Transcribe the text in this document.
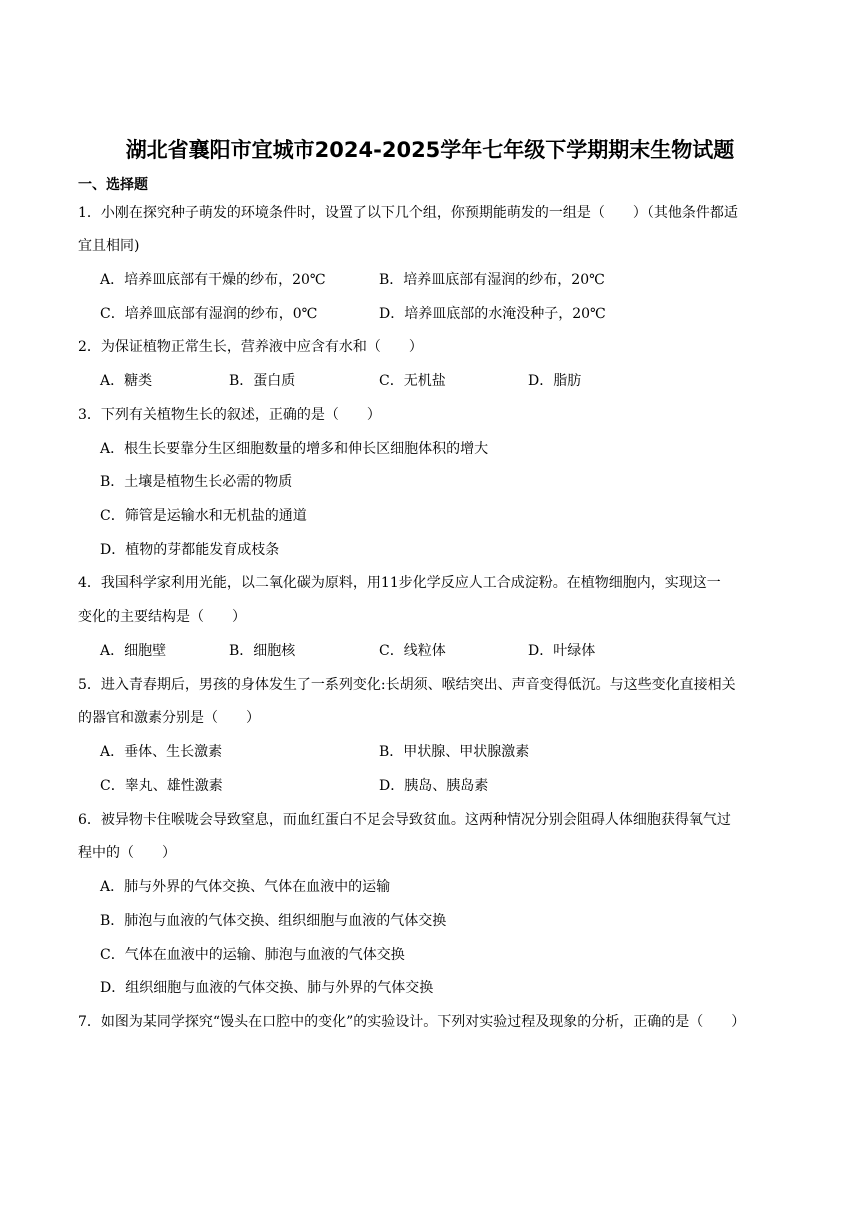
湖北省襄阳市宜城市2024-2025学年七年级下学期期末生物试题
一、选择题
1．小刚在探究种子萌发的环境条件时，设置了以下几个组，你预期能萌发的一组是（　　）（其他条件都适
宜且相同)
A．培养皿底部有干燥的纱布，20℃	B．培养皿底部有湿润的纱布，20℃
C．培养皿底部有湿润的纱布，0℃	D．培养皿底部的水淹没种子，20℃
2．为保证植物正常生长，营养液中应含有水和（　　）
A．糖类	B．蛋白质	C．无机盐	D．脂肪
3．下列有关植物生长的叙述，正确的是（　　）
A．根生长要靠分生区细胞数量的增多和伸长区细胞体积的增大
B．土壤是植物生长必需的物质
C．筛管是运输水和无机盐的通道
D．植物的芽都能发育成枝条
4．我国科学家利用光能，以二氧化碳为原料，用11步化学反应人工合成淀粉。在植物细胞内，实现这一
变化的主要结构是（　　）
A．细胞壁	B．细胞核	C．线粒体	D．叶绿体
5．进入青春期后，男孩的身体发生了一系列变化:长胡须、喉结突出、声音变得低沉。与这些变化直接相关
的器官和激素分别是（　　）
A．垂体、生长激素	B．甲状腺、甲状腺激素
C．睾丸、雄性激素	D．胰岛、胰岛素
6．被异物卡住喉咙会导致窒息，而血红蛋白不足会导致贫血。这两种情况分别会阻碍人体细胞获得氧气过
程中的（　　）
A．肺与外界的气体交换、气体在血液中的运输
B．肺泡与血液的气体交换、组织细胞与血液的气体交换
C．气体在血液中的运输、肺泡与血液的气体交换
D．组织细胞与血液的气体交换、肺与外界的气体交换
7．如图为某同学探究“馒头在口腔中的变化”的实验设计。下列对实验过程及现象的分析，正确的是（　　）
